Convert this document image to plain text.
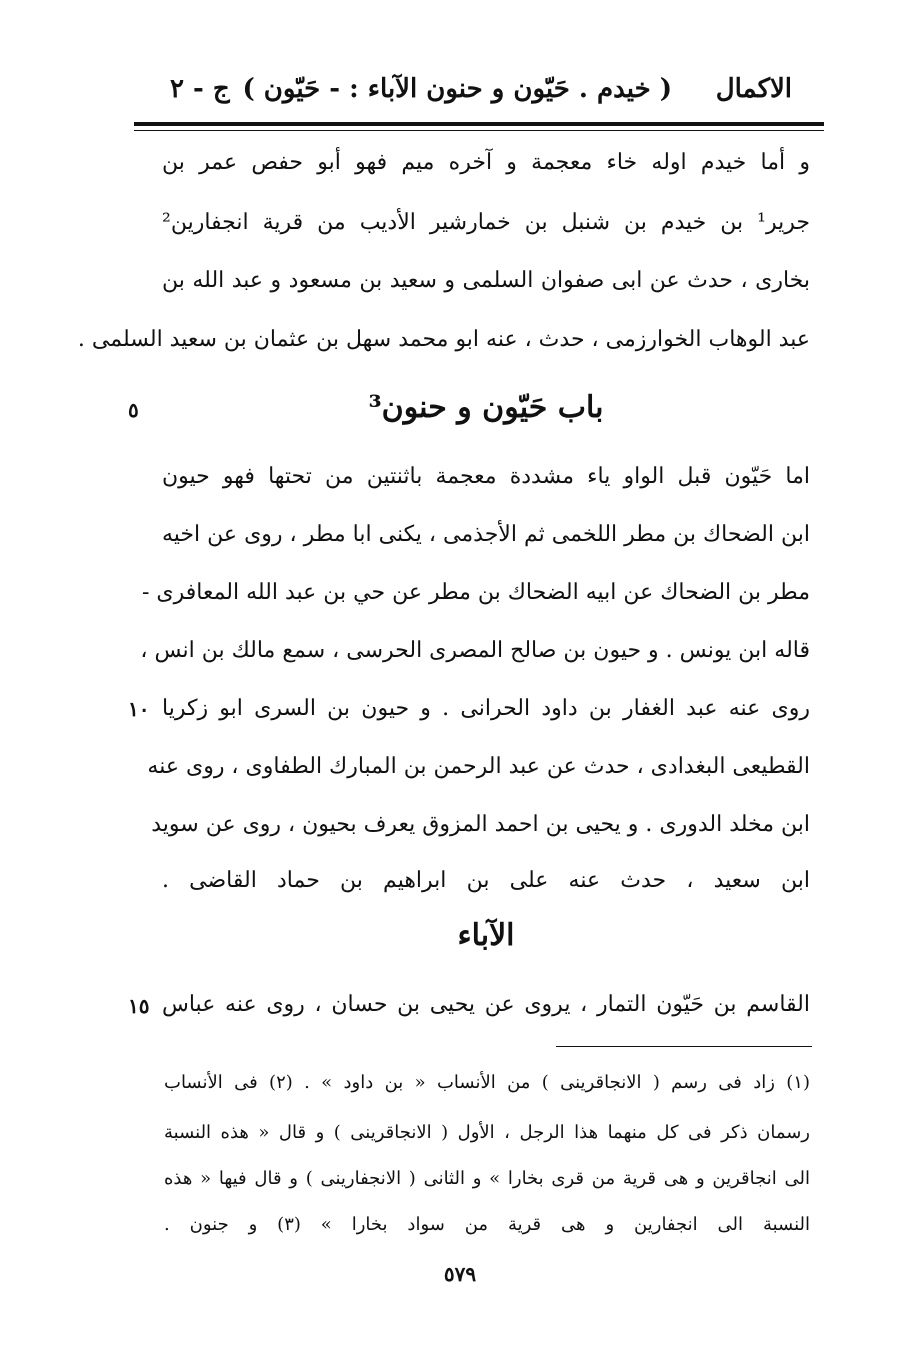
الاكمال
( خيدم . حَيّون و حنون الآباء : - حَيّون )
ج - ٢
و أما خيدم اوله خاء معجمة و آخره ميم فهو أبو حفص عمر بن
جرير¹ بن خيدم بن شنبل بن خمارشير الأديب من قرية انجفارين²
بخارى ، حدث عن ابى صفوان السلمى و سعيد بن مسعود و عبد الله بن
عبد الوهاب الخوارزمى ، حدث ، عنه ابو محمد سهل بن عثمان بن سعيد السلمى .
باب حَيّون و حنون³
٥
اما حَيّون قبل الواو ياء مشددة معجمة باثنتين من تحتها فهو حيون
ابن الضحاك بن مطر اللخمى ثم الأجذمى ، يكنى ابا مطر ، روى عن اخيه
مطر بن الضحاك عن ابيه الضحاك بن مطر عن حي بن عبد الله المعافرى -
قاله ابن يونس . و حيون بن صالح المصرى الحرسى ، سمع مالك بن انس ،
روى عنه عبد الغفار بن داود الحرانى . و حيون بن السرى ابو زكريا
١٠
القطيعى البغدادى ، حدث عن عبد الرحمن بن المبارك الطفاوى ، روى عنه
ابن مخلد الدورى . و يحيى بن احمد المزوق يعرف بحيون ، روى عن سويد
ابن سعيد ، حدث عنه على بن ابراهيم بن حماد القاضى .
الآباء
القاسم بن حَيّون التمار ، يروى عن يحيى بن حسان ، روى عنه عباس
١٥
(١) زاد فى رسم ( الانجاقرينى ) من الأنساب « بن داود » . (٢) فى الأنساب
رسمان ذكر فى كل منهما هذا الرجل ، الأول ( الانجاقرينى ) و قال « هذه النسبة
الى انجاقرين و هى قرية من قرى بخارا » و الثانى ( الانجفارينى ) و قال فيها « هذه
النسبة الى انجفارين و هى قرية من سواد بخارا » (٣) و جنون .
٥٧٩
